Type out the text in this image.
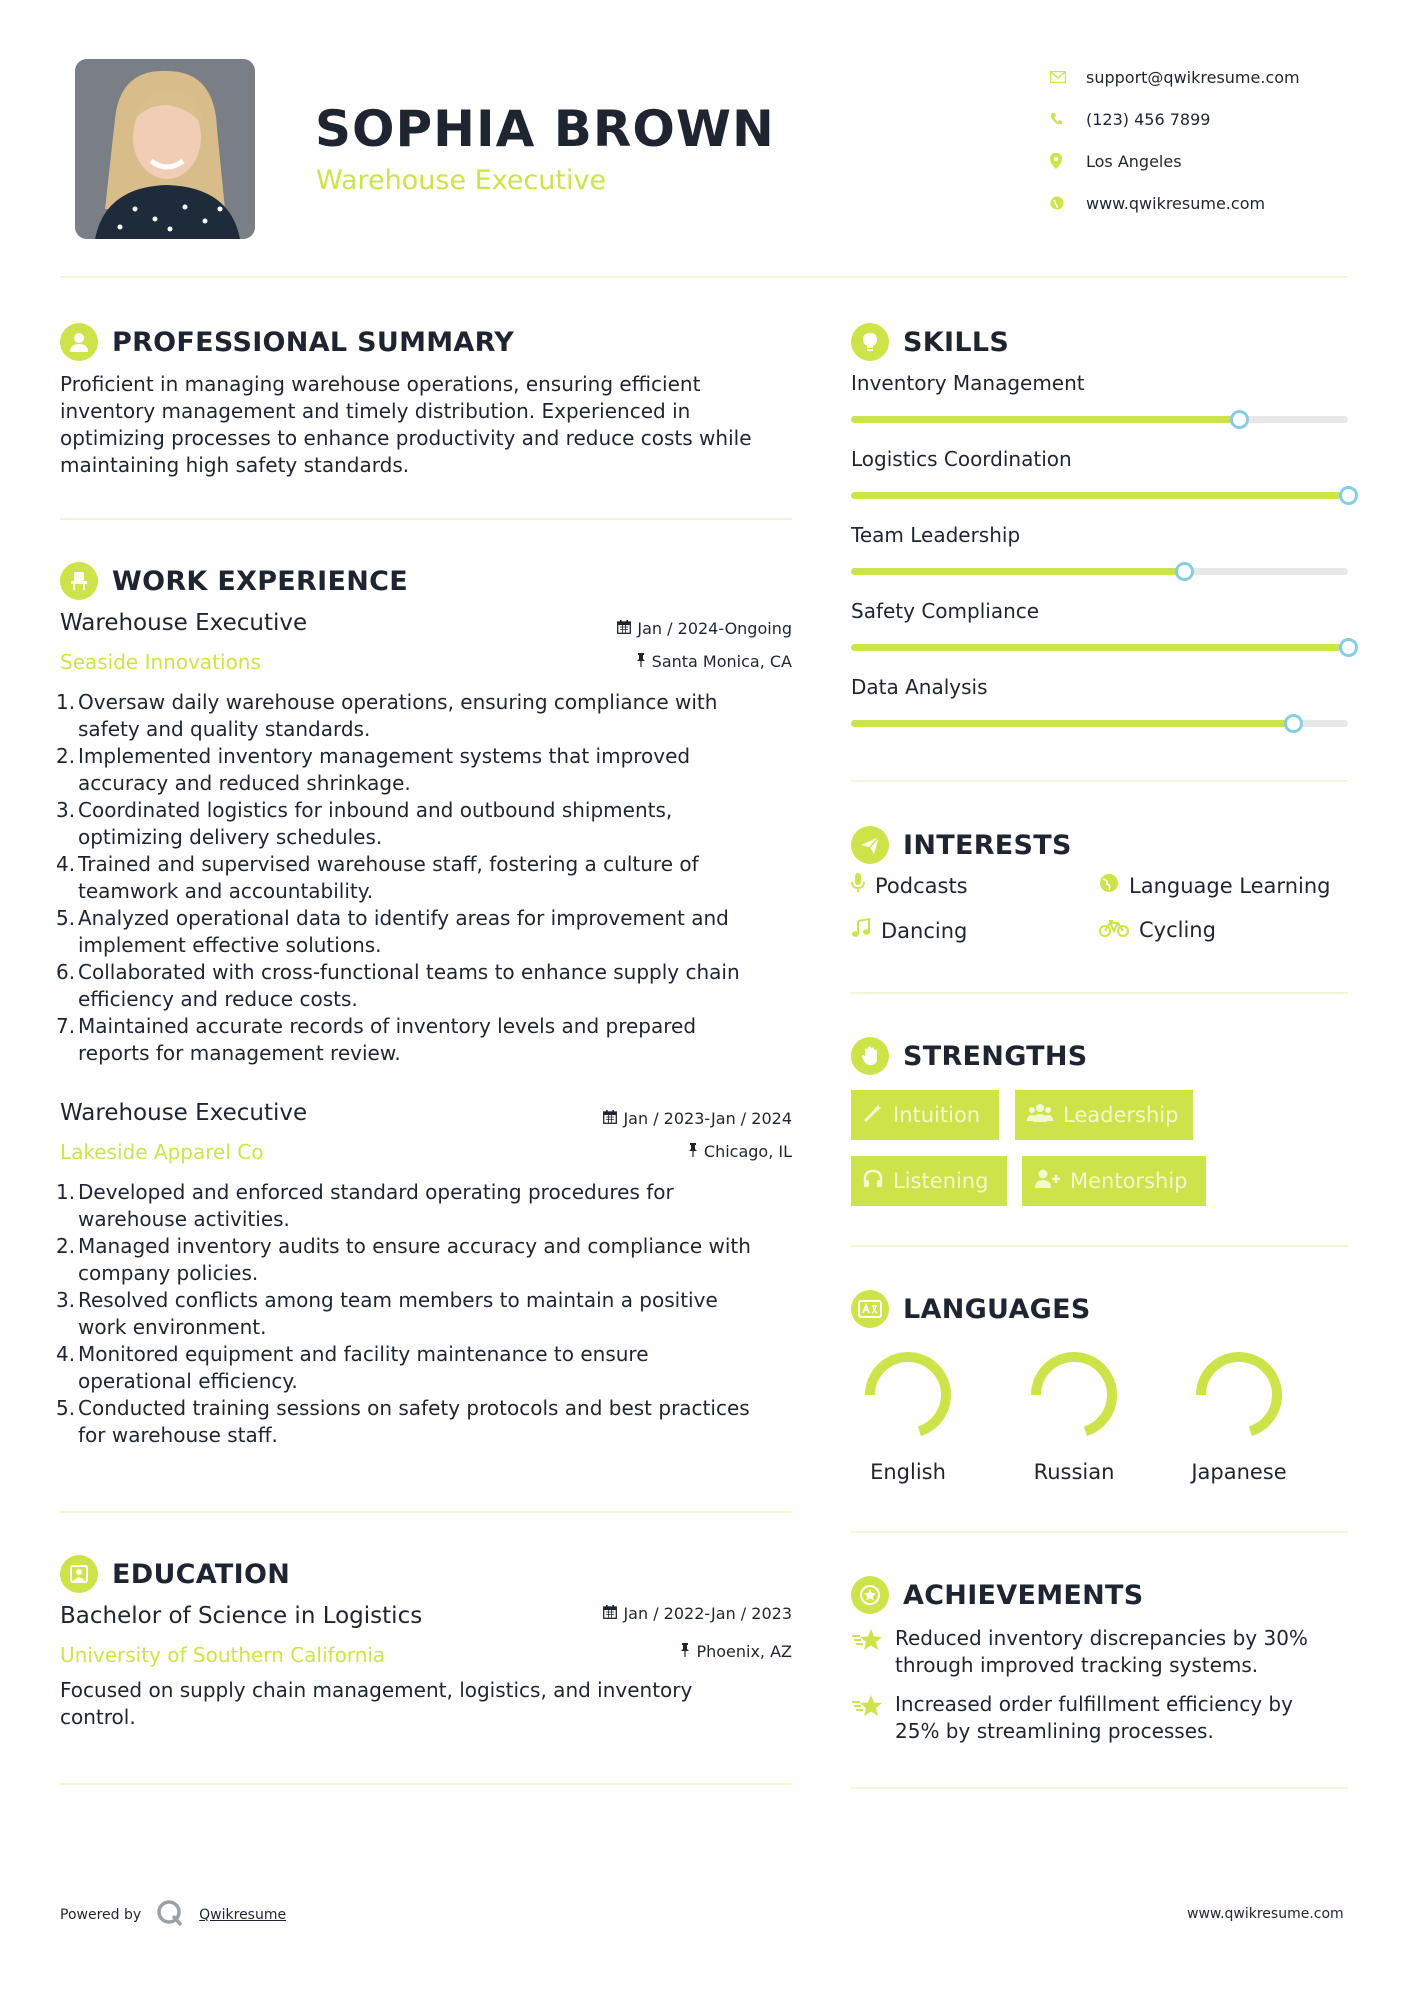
SOPHIA BROWN
Warehouse Executive
support@qwikresume.com
(123) 456 7899
Los Angeles
www.qwikresume.com
PROFESSIONAL SUMMARY
Proficient in managing warehouse operations, ensuring efficient
inventory management and timely distribution. Experienced in
optimizing processes to enhance productivity and reduce costs while
maintaining high safety standards.
WORK EXPERIENCE
Warehouse Executive
Seaside Innovations
Jan / 2024-Ongoing
Santa Monica, CA
1. Oversaw daily warehouse operations, ensuring compliance with
safety and quality standards.
2. Implemented inventory management systems that improved
accuracy and reduced shrinkage.
3. Coordinated logistics for inbound and outbound shipments,
optimizing delivery schedules.
4. Trained and supervised warehouse staff, fostering a culture of
teamwork and accountability.
5. Analyzed operational data to identify areas for improvement and
implement effective solutions.
6. Collaborated with cross-functional teams to enhance supply chain
efficiency and reduce costs.
7. Maintained accurate records of inventory levels and prepared
reports for management review.
Warehouse Executive
Lakeside Apparel Co
Jan / 2023-Jan / 2024
Chicago, IL
1. Developed and enforced standard operating procedures for
warehouse activities.
2. Managed inventory audits to ensure accuracy and compliance with
company policies.
3. Resolved conflicts among team members to maintain a positive
work environment.
4. Monitored equipment and facility maintenance to ensure
operational efficiency.
5. Conducted training sessions on safety protocols and best practices
for warehouse staff.
EDUCATION
Bachelor of Science in Logistics
University of Southern California
Jan / 2022-Jan / 2023
Phoenix, AZ
Focused on supply chain management, logistics, and inventory
control.
SKILLS
Inventory Management
Logistics Coordination
Team Leadership
Safety Compliance
Data Analysis
INTERESTS
Podcasts	Language Learning
Dancing	Cycling
STRENGTHS
Intuition	Leadership
Listening	Mentorship
LANGUAGES
English	Russian	Japanese
ACHIEVEMENTS
Reduced inventory discrepancies by 30%
through improved tracking systems.
Increased order fulfillment efficiency by
25% by streamlining processes.
Powered by	Qwikresume	www.qwikresume.com
